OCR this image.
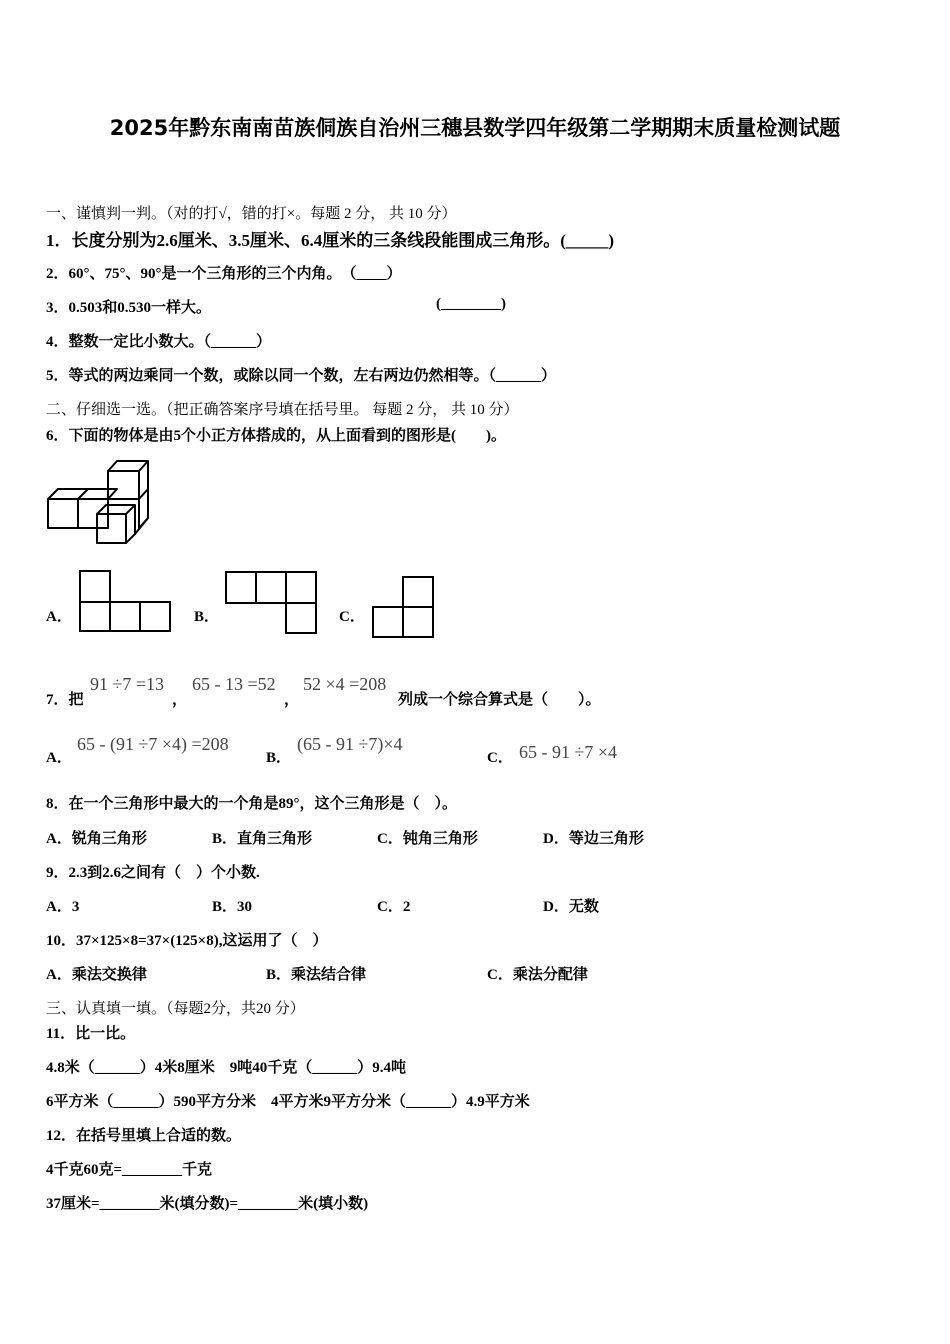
2025年黔东南南苗族侗族自治州三穗县数学四年级第二学期期末质量检测试题
一、谨慎判一判。（对的打√，错的打×。每题 2 分， 共 10 分）
1．长度分别为2.6厘米、3.5厘米、6.4厘米的三条线段能围成三角形。(_____)
2．60°、75°、90°是一个三角形的三个内角。　（____）
3．0.503和0.530一样大。	(________)
4．整数一定比小数大。（______）
5．等式的两边乘同一个数，或除以同一个数，左右两边仍然相等。（______）
二、仔细选一选。（把正确答案序号填在括号里。 每题 2 分， 共 10 分）
6．下面的物体是由5个小正方体搭成的，从上面看到的图形是(　　)。
A．	B．	C．
7．把
91 ÷7 =13
，
65 - 13 =52
，
52 ×4 =208
列成一个综合算式是（　　）。
A．
65 - (91 ÷7 ×4) =208
B．
(65 - 91 ÷7)×4
C． 65 - 91 ÷7 ×4
8．在一个三角形中最大的一个角是89°，这个三角形是（　）。
A．锐角三角形	B．直角三角形	C．钝角三角形	D．等边三角形
9．2.3到2.6之间有（　）个小数.
A．3	B．30	C．2	D．无数
10．37×125×8=37×(125×8),这运用了（　）
A．乘法交换律	B．乘法结合律	C．乘法分配律
三、认真填一填。（每题2分，共20 分）
11．比一比。
4.8米（______）4米8厘米　9吨40千克（______）9.4吨
6平方米（______）590平方分米　4平方米9平方分米（______）4.9平方米
12．在括号里填上合适的数。
4千克60克=________千克
37厘米=________米(填分数)=________米(填小数)
